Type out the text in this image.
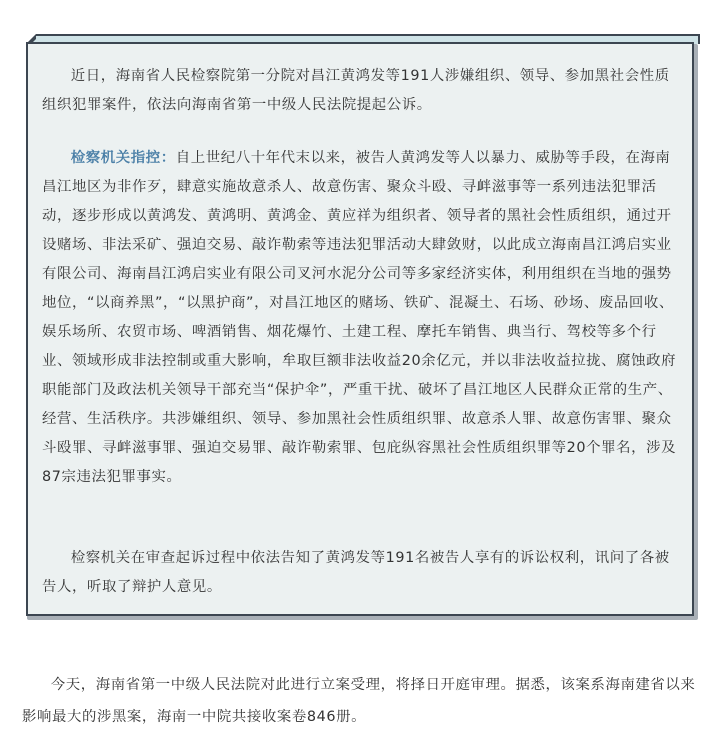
近日，海南省人民检察院第一分院对昌江黄鸿发等191人涉嫌组织、领导、参加黑社会性质组织犯罪案件，依法向海南省第一中级人民法院提起公诉。

检察机关指控：自上世纪八十年代末以来，被告人黄鸿发等人以暴力、威胁等手段，在海南昌江地区为非作歹，肆意实施故意杀人、故意伤害、聚众斗殴、寻衅滋事等一系列违法犯罪活动，逐步形成以黄鸿发、黄鸿明、黄鸿金、黄应祥为组织者、领导者的黑社会性质组织，通过开设赌场、非法采矿、强迫交易、敲诈勒索等违法犯罪活动大肆敛财，以此成立海南昌江鸿启实业有限公司、海南昌江鸿启实业有限公司叉河水泥分公司等多家经济实体，利用组织在当地的强势地位，“以商养黑”，“以黑护商”，对昌江地区的赌场、铁矿、混凝土、石场、砂场、废品回收、娱乐场所、农贸市场、啤酒销售、烟花爆竹、土建工程、摩托车销售、典当行、驾校等多个行业、领域形成非法控制或重大影响，牟取巨额非法收益20余亿元，并以非法收益拉拢、腐蚀政府职能部门及政法机关领导干部充当“保护伞”，严重干扰、破坏了昌江地区人民群众正常的生产、经营、生活秩序。共涉嫌组织、领导、参加黑社会性质组织罪、故意杀人罪、故意伤害罪、聚众斗殴罪、寻衅滋事罪、强迫交易罪、敲诈勒索罪、包庇纵容黑社会性质组织罪等20个罪名，涉及87宗违法犯罪事实。

检察机关在审查起诉过程中依法告知了黄鸿发等191名被告人享有的诉讼权利，讯问了各被告人，听取了辩护人意见。

今天，海南省第一中级人民法院对此进行立案受理，将择日开庭审理。据悉，该案系海南建省以来影响最大的涉黑案，海南一中院共接收案卷846册。
